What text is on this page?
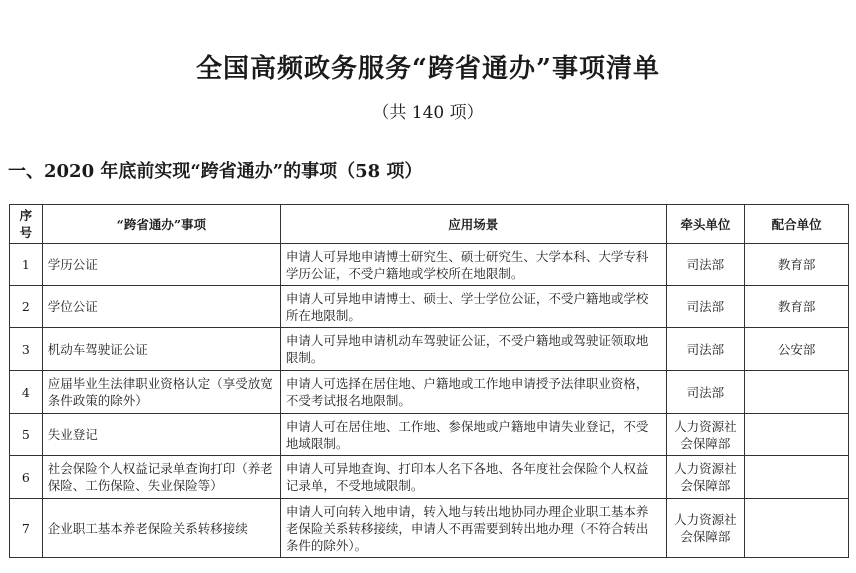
全国高频政务服务“跨省通办”事项清单
（共 140 项）
一、2020 年底前实现“跨省通办”的事项（58 项）
序号	“跨省通办”事项	应用场景	牵头单位	配合单位
1	学历公证	申请人可异地申请博士研究生、硕士研究生、大学本科、大学专科学历公证，不受户籍地或学校所在地限制。	司法部	教育部
2	学位公证	申请人可异地申请博士、硕士、学士学位公证，不受户籍地或学校所在地限制。	司法部	教育部
3	机动车驾驶证公证	申请人可异地申请机动车驾驶证公证，不受户籍地或驾驶证领取地限制。	司法部	公安部
4	应届毕业生法律职业资格认定（享受放宽条件政策的除外）	申请人可选择在居住地、户籍地或工作地申请授予法律职业资格，不受考试报名地限制。	司法部	
5	失业登记	申请人可在居住地、工作地、参保地或户籍地申请失业登记，不受地域限制。	人力资源社会保障部	
6	社会保险个人权益记录单查询打印（养老保险、工伤保险、失业保险等）	申请人可异地查询、打印本人名下各地、各年度社会保险个人权益记录单，不受地域限制。	人力资源社会保障部	
7	企业职工基本养老保险关系转移接续	申请人可向转入地申请，转入地与转出地协同办理企业职工基本养老保险关系转移接续，申请人不再需要到转出地办理（不符合转出条件的除外）。	人力资源社会保障部	
